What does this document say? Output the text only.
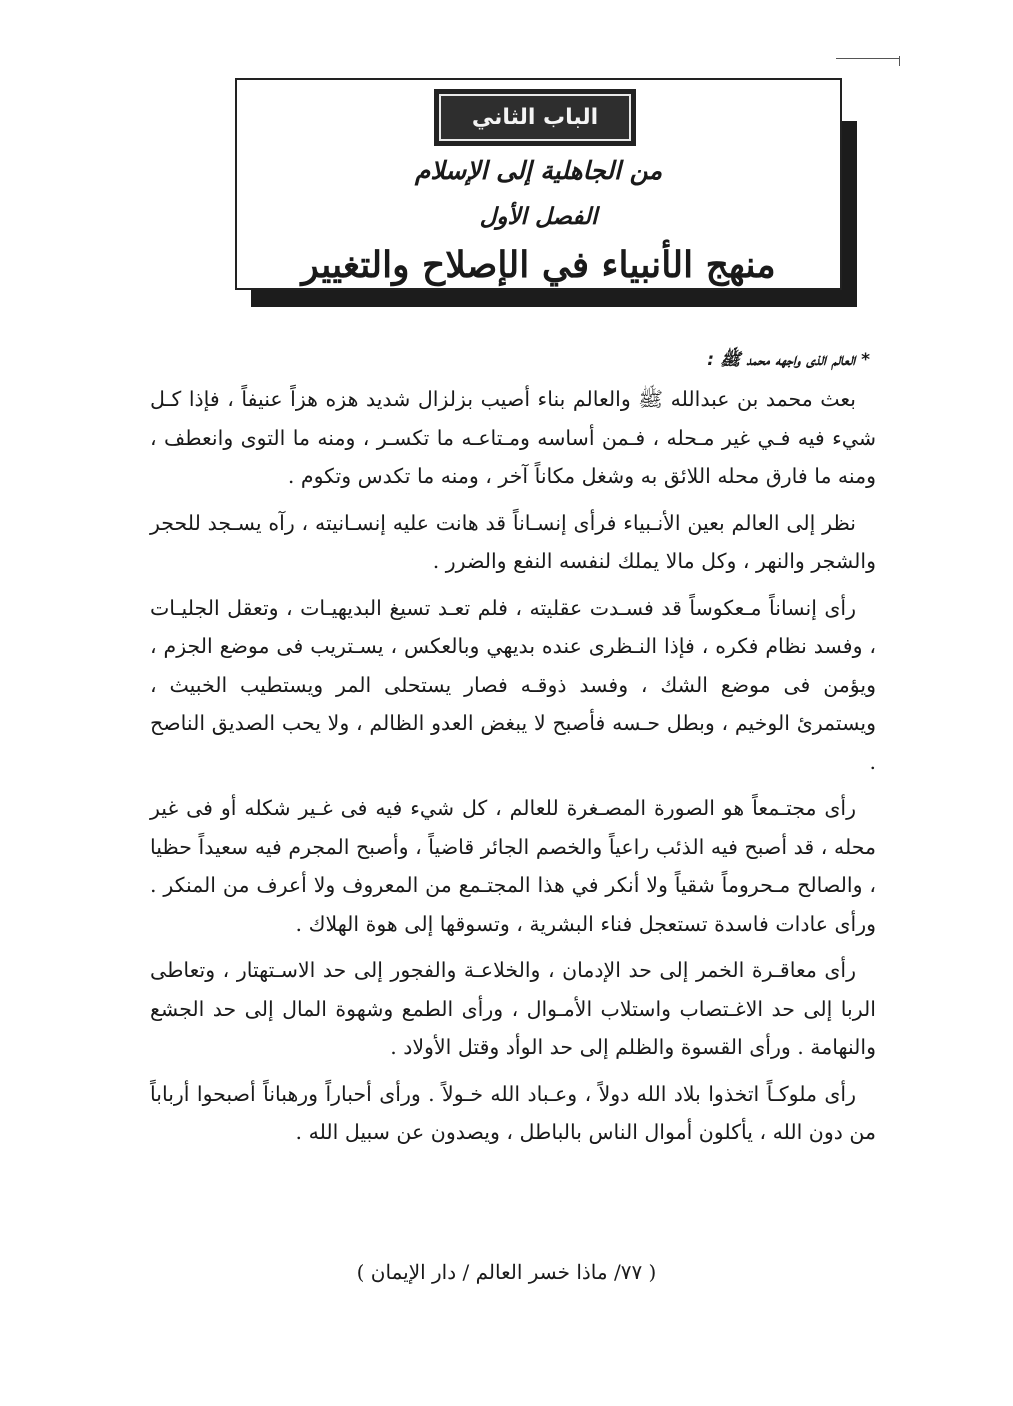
الباب الثاني
من الجاهلية إلى الإسلام
الفصل الأول
منهج الأنبياء في الإصلاح والتغيير
* العالم الذى واجهه محمد ﷺ :

بعث محمد بن عبدالله ﷺ والعالم بناء أصيب بزلزال شديد هزه هزاً عنيفاً ، فإذا كـل شيء فيه فـي غير مـحله ، فـمن أساسه ومـتاعـه ما تكسـر ، ومنه ما التوى وانعطف ، ومنه ما فارق محله اللائق به وشغل مكاناً آخر ، ومنه ما تكدس وتكوم .

نظر إلى العالم بعين الأنـبياء فرأى إنسـاناً قد هانت عليه إنسـانيته ، رآه يسـجد للحجر والشجر والنهر ، وكل مالا يملك لنفسه النفع والضرر .

رأى إنساناً مـعكوساً قد فسـدت عقليته ، فلم تعـد تسيغ البديهيـات ، وتعقل الجليـات ، وفسد نظام فكره ، فإذا النـظرى عنده بديهي وبالعكس ، يسـتريب فى موضع الجزم ، ويؤمن فى موضع الشك ، وفسد ذوقـه فصار يستحلى المر ويستطيب الخبيث ، ويستمرئ الوخيم ، وبطل حـسه فأصبح لا يبغض العدو الظالم ، ولا يحب الصديق الناصح .

رأى مجتـمعاً هو الصورة المصـغرة للعالم ، كل شيء فيه فى غـير شكله أو فى غير محله ، قد أصبح فيه الذئب راعياً والخصم الجائر قاضياً ، وأصبح المجرم فيه سعيداً حظيا ، والصالح مـحروماً شقياً ولا أنكر في هذا المجتـمع من المعروف ولا أعرف من المنكر . ورأى عادات فاسدة تستعجل فناء البشرية ، وتسوقها إلى هوة الهلاك .

رأى معاقـرة الخمر إلى حد الإدمان ، والخلاعـة والفجور إلى حد الاسـتهتار ، وتعاطى الربا إلى حد الاغـتصاب واستلاب الأمـوال ، ورأى الطمع وشهوة المال إلى حد الجشع والنهامة . ورأى القسوة والظلم إلى حد الوأد وقتل الأولاد .

رأى ملوكـاً اتخذوا بلاد الله دولاً ، وعـباد الله خـولاً . ورأى أحباراً ورهباناً أصبحوا أرباباً من دون الله ، يأكلون أموال الناس بالباطل ، ويصدون عن سبيل الله .

( ٧٧/ ماذا خسر العالم / دار الإيمان )
